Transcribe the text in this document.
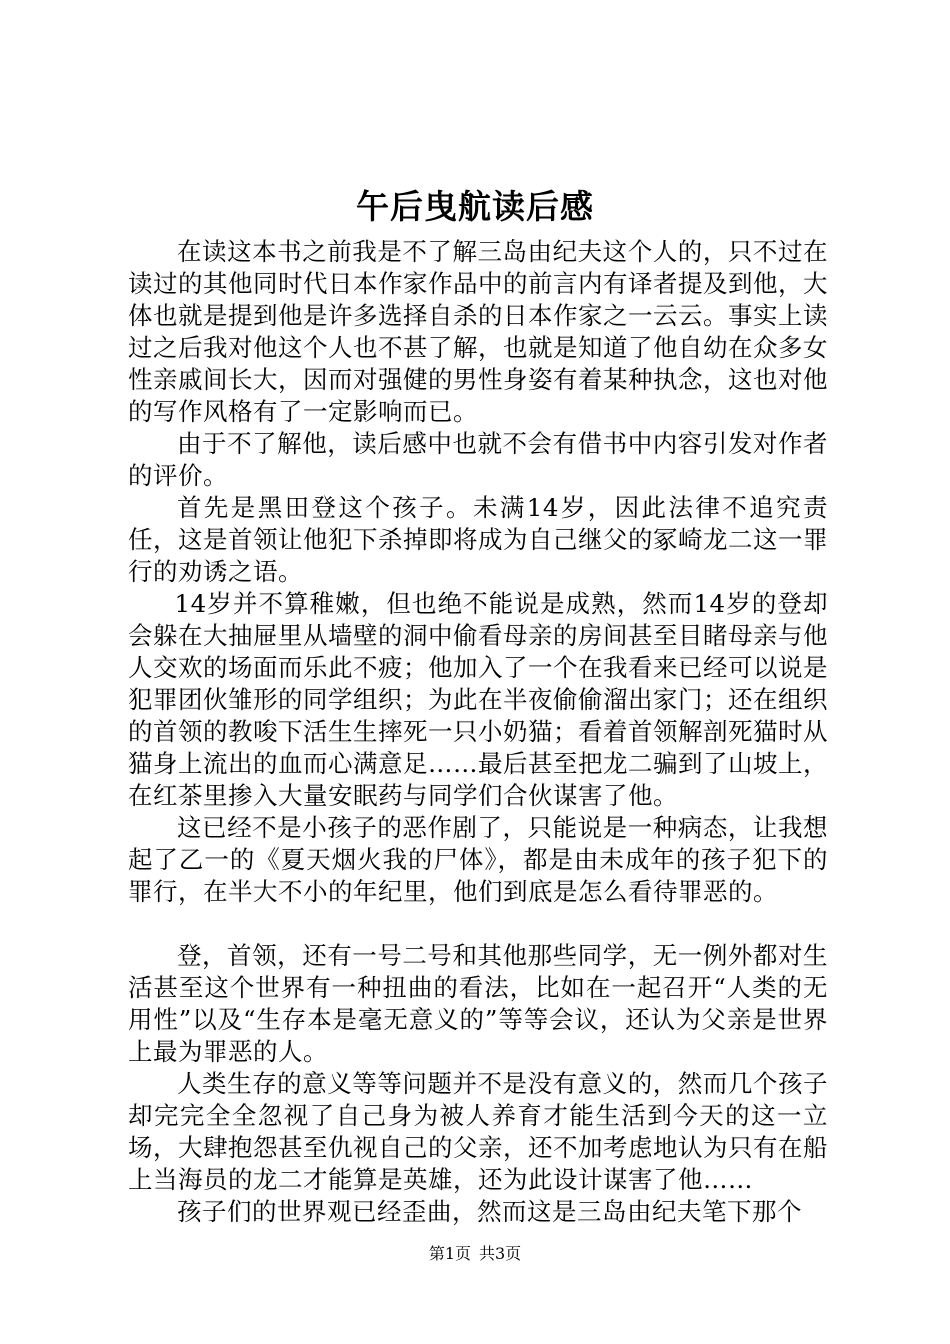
午后曳航读后感

在读这本书之前我是不了解三岛由纪夫这个人的，只不过在读过的其他同时代日本作家作品中的前言内有译者提及到他，大体也就是提到他是许多选择自杀的日本作家之一云云。事实上读过之后我对他这个人也不甚了解，也就是知道了他自幼在众多女性亲戚间长大，因而对强健的男性身姿有着某种执念，这也对他的写作风格有了一定影响而已。

由于不了解他，读后感中也就不会有借书中内容引发对作者的评价。

首先是黑田登这个孩子。未满14岁，因此法律不追究责任，这是首领让他犯下杀掉即将成为自己继父的冢崎龙二这一罪行的劝诱之语。

14岁并不算稚嫩，但也绝不能说是成熟，然而14岁的登却会躲在大抽屉里从墙壁的洞中偷看母亲的房间甚至目睹母亲与他人交欢的场面而乐此不疲；他加入了一个在我看来已经可以说是犯罪团伙雏形的同学组织；为此在半夜偷偷溜出家门；还在组织的首领的教唆下活生生摔死一只小奶猫；看着首领解剖死猫时从猫身上流出的血而心满意足……最后甚至把龙二骗到了山坡上，在红茶里掺入大量安眠药与同学们合伙谋害了他。

这已经不是小孩子的恶作剧了，只能说是一种病态，让我想起了乙一的《夏天烟火我的尸体》，都是由未成年的孩子犯下的罪行，在半大不小的年纪里，他们到底是怎么看待罪恶的。

登，首领，还有一号二号和其他那些同学，无一例外都对生活甚至这个世界有一种扭曲的看法，比如在一起召开“人类的无用性”以及“生存本是毫无意义的”等等会议，还认为父亲是世界上最为罪恶的人。

人类生存的意义等等问题并不是没有意义的，然而几个孩子却完完全全忽视了自己身为被人养育才能生活到今天的这一立场，大肆抱怨甚至仇视自己的父亲，还不加考虑地认为只有在船上当海员的龙二才能算是英雄，还为此设计谋害了他……

孩子们的世界观已经歪曲，然而这是三岛由纪夫笔下那个

第1页 共3页
